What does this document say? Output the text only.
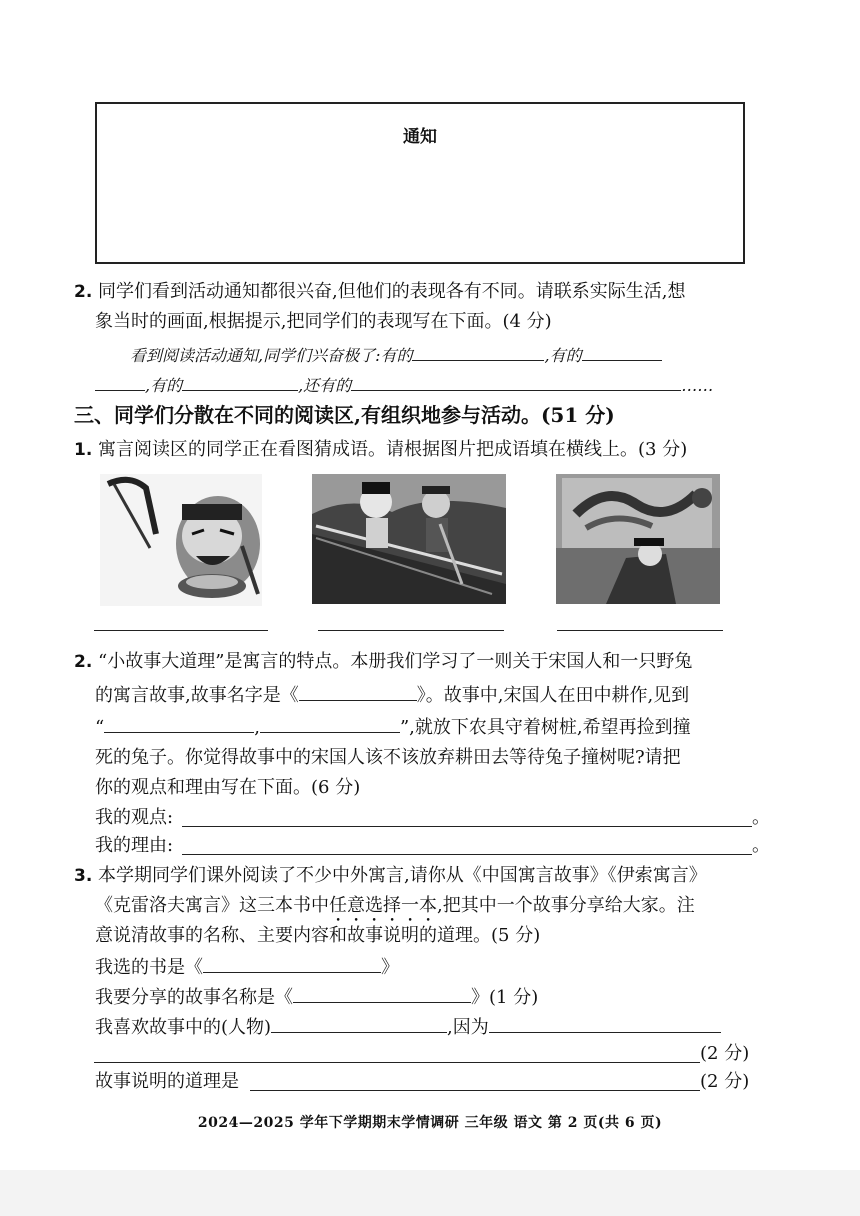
通知
2. 同学们看到活动通知都很兴奋,但他们的表现各有不同。请联系实际生活,想
象当时的画面,根据提示,把同学们的表现写在下面。(4 分)
看到阅读活动通知,同学们兴奋极了:有的	,有的
,有的	,还有的	……
三、同学们分散在不同的阅读区,有组织地参与活动。(51 分)
1. 寓言阅读区的同学正在看图猜成语。请根据图片把成语填在横线上。(3 分)
2. “小故事大道理”是寓言的特点。本册我们学习了一则关于宋国人和一只野兔
的寓言故事,故事名字是《	》。故事中,宋国人在田中耕作,见到
“	,	”,就放下农具守着树桩,希望再捡到撞
死的兔子。你觉得故事中的宋国人该不该放弃耕田去等待兔子撞树呢?请把
你的观点和理由写在下面。(6 分)
我的观点:	。
我的理由:	。
3. 本学期同学们课外阅读了不少中外寓言,请你从《中国寓言故事》《伊索寓言》
《克雷洛夫寓言》这三本书中任意选择一本,把其中一个故事分享给大家。注
意说清故事的名称、主要内容和故事说明的道理。(5 分)
我选的书是《	》
我要分享的故事名称是《	》(1 分)
我喜欢故事中的(人物)	,因为
(2 分)
故事说明的道理是	(2 分)
2024—2025 学年下学期期末学情调研 三年级 语文 第 2 页(共 6 页)
